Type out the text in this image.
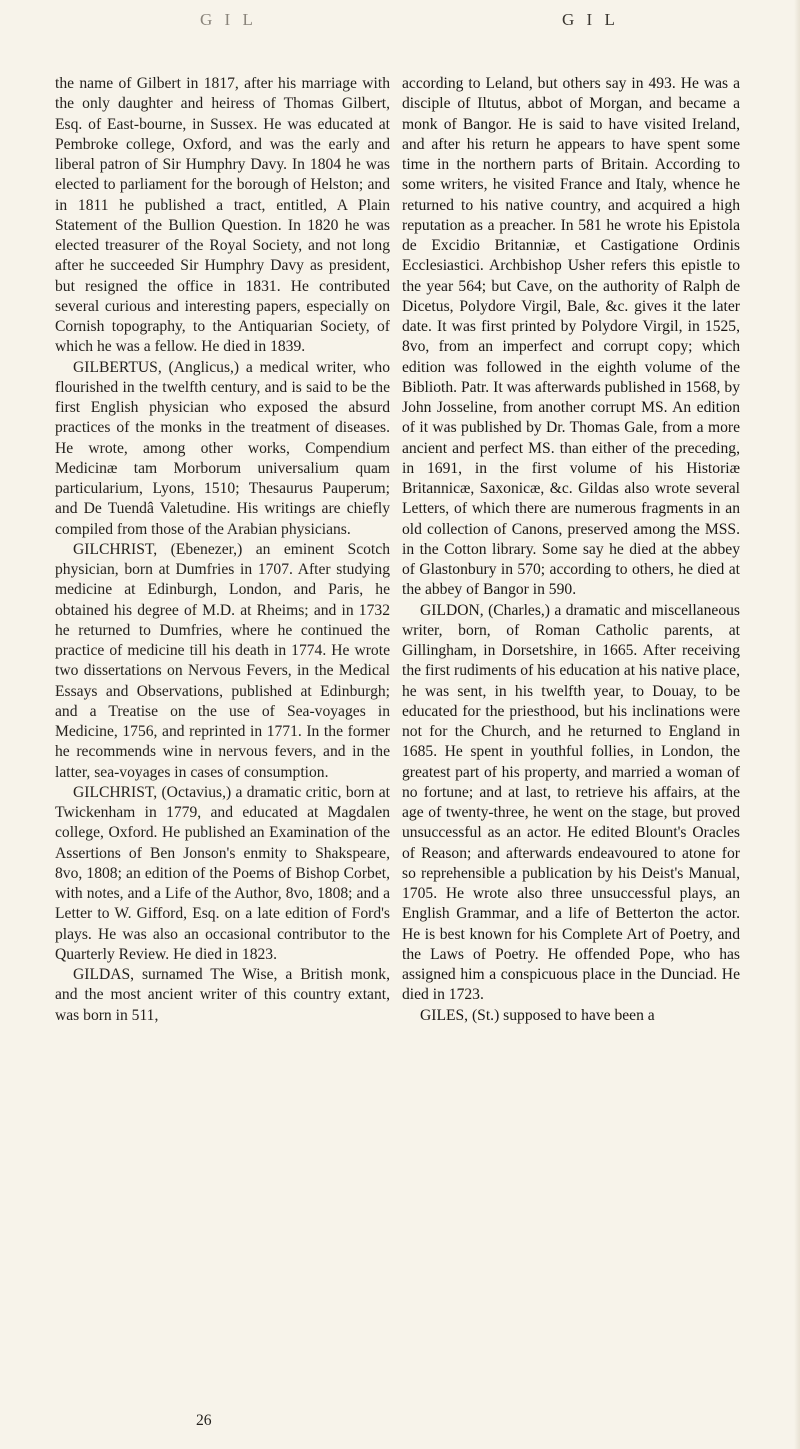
G I L	G I L

the name of Gilbert in 1817, after his marriage with the only daughter and heiress of Thomas Gilbert, Esq. of East-bourne, in Sussex. He was educated at Pembroke college, Oxford, and was the early and liberal patron of Sir Humphry Davy. In 1804 he was elected to parliament for the borough of Helston; and in 1811 he published a tract, entitled, A Plain Statement of the Bullion Question. In 1820 he was elected treasurer of the Royal Society, and not long after he succeeded Sir Humphry Davy as president, but resigned the office in 1831. He contributed several curious and interesting papers, especially on Cornish topography, to the Antiquarian Society, of which he was a fellow. He died in 1839.

GILBERTUS, (Anglicus,) a medical writer, who flourished in the twelfth century, and is said to be the first English physician who exposed the absurd practices of the monks in the treatment of diseases. He wrote, among other works, Compendium Medicinæ tam Morborum universalium quam particularium, Lyons, 1510; Thesaurus Pauperum; and De Tuendâ Valetudine. His writings are chiefly compiled from those of the Arabian physicians.

GILCHRIST, (Ebenezer,) an eminent Scotch physician, born at Dumfries in 1707. After studying medicine at Edinburgh, London, and Paris, he obtained his degree of M.D. at Rheims; and in 1732 he returned to Dumfries, where he continued the practice of medicine till his death in 1774. He wrote two dissertations on Nervous Fevers, in the Medical Essays and Observations, published at Edinburgh; and a Treatise on the use of Sea-voyages in Medicine, 1756, and reprinted in 1771. In the former he recommends wine in nervous fevers, and in the latter, sea-voyages in cases of consumption.

GILCHRIST, (Octavius,) a dramatic critic, born at Twickenham in 1779, and educated at Magdalen college, Oxford. He published an Examination of the Assertions of Ben Jonson's enmity to Shakspeare, 8vo, 1808; an edition of the Poems of Bishop Corbet, with notes, and a Life of the Author, 8vo, 1808; and a Letter to W. Gifford, Esq. on a late edition of Ford's plays. He was also an occasional contributor to the Quarterly Review. He died in 1823.

GILDAS, surnamed The Wise, a British monk, and the most ancient writer of this country extant, was born in 511,

according to Leland, but others say in 493. He was a disciple of Iltutus, abbot of Morgan, and became a monk of Bangor. He is said to have visited Ireland, and after his return he appears to have spent some time in the northern parts of Britain. According to some writers, he visited France and Italy, whence he returned to his native country, and acquired a high reputation as a preacher. In 581 he wrote his Epistola de Excidio Britanniæ, et Castigatione Ordinis Ecclesiastici. Archbishop Usher refers this epistle to the year 564; but Cave, on the authority of Ralph de Dicetus, Polydore Virgil, Bale, &c. gives it the later date. It was first printed by Polydore Virgil, in 1525, 8vo, from an imperfect and corrupt copy; which edition was followed in the eighth volume of the Biblioth. Patr. It was afterwards published in 1568, by John Josseline, from another corrupt MS. An edition of it was published by Dr. Thomas Gale, from a more ancient and perfect MS. than either of the preceding, in 1691, in the first volume of his Historiæ Britannicæ, Saxonicæ, &c. Gildas also wrote several Letters, of which there are numerous fragments in an old collection of Canons, preserved among the MSS. in the Cotton library. Some say he died at the abbey of Glastonbury in 570; according to others, he died at the abbey of Bangor in 590.

GILDON, (Charles,) a dramatic and miscellaneous writer, born, of Roman Catholic parents, at Gillingham, in Dorsetshire, in 1665. After receiving the first rudiments of his education at his native place, he was sent, in his twelfth year, to Douay, to be educated for the priesthood, but his inclinations were not for the Church, and he returned to England in 1685. He spent in youthful follies, in London, the greatest part of his property, and married a woman of no fortune; and at last, to retrieve his affairs, at the age of twenty-three, he went on the stage, but proved unsuccessful as an actor. He edited Blount's Oracles of Reason; and afterwards endeavoured to atone for so reprehensible a publication by his Deist's Manual, 1705. He wrote also three unsuccessful plays, an English Grammar, and a life of Betterton the actor. He is best known for his Complete Art of Poetry, and the Laws of Poetry. He offended Pope, who has assigned him a conspicuous place in the Dunciad. He died in 1723.

GILES, (St.) supposed to have been a

26
